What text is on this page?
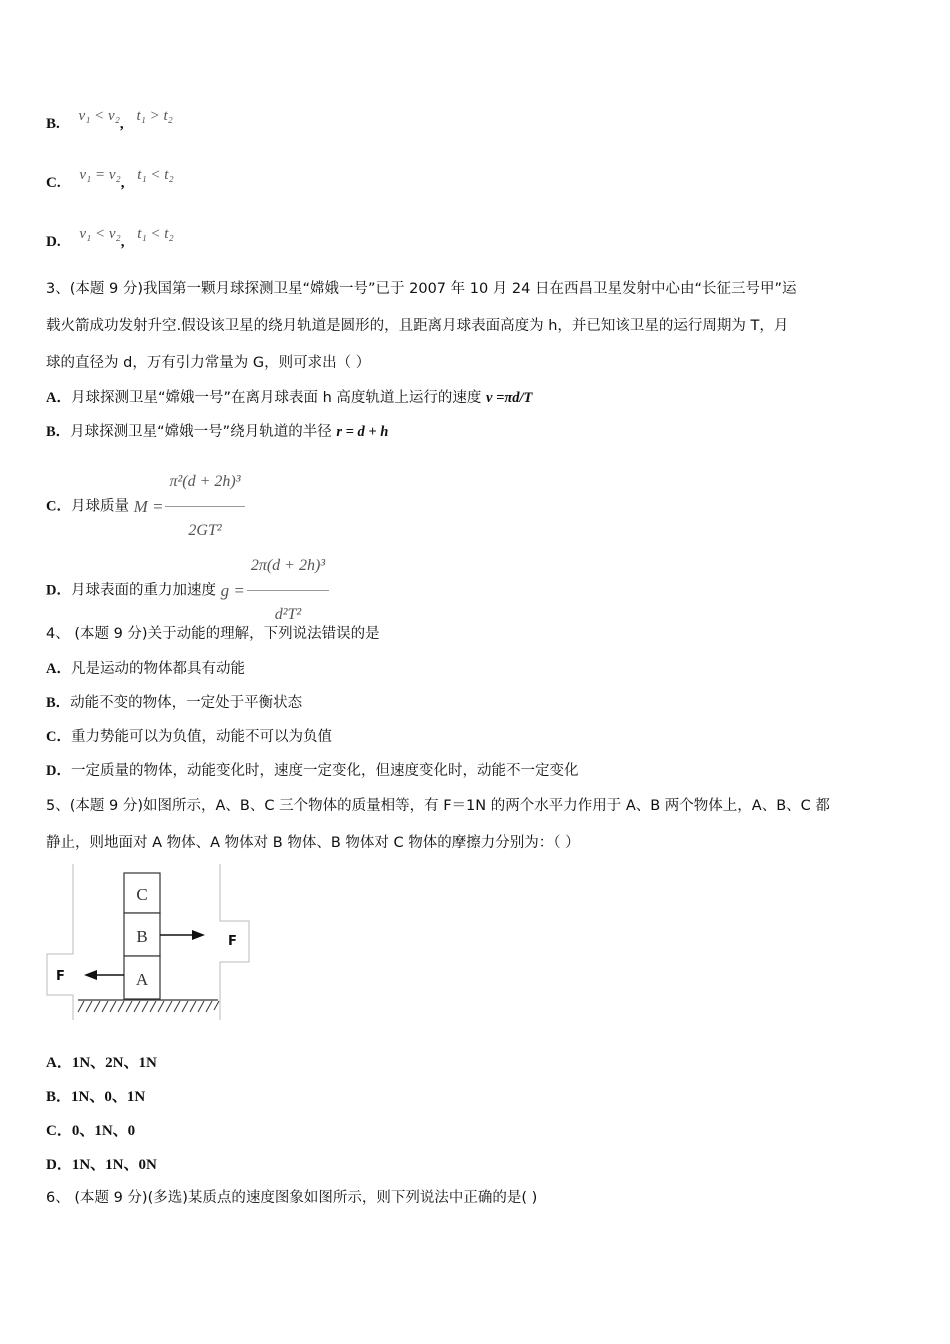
B. v₁ < v₂, t₁ > t₂
C. v₁ = v₂, t₁ < t₂
D. v₁ < v₂, t₁ < t₂
3、(本题 9 分)我国第一颗月球探测卫星“嫦娥一号”已于 2007 年 10 月 24 日在西昌卫星发射中心由“长征三号甲”运
载火箭成功发射升空.假设该卫星的绕月轨道是圆形的，且距离月球表面高度为 h，并已知该卫星的运行周期为 T，月
球的直径为 d，万有引力常量为 G，则可求出（ ）
A．月球探测卫星“嫦娥一号”在离月球表面 h 高度轨道上运行的速度 v =πd/T
B．月球探测卫星“嫦娥一号”绕月轨道的半径 r = d + h
C．月球质量 $M = \frac{\text{π²(d + 2h)³}}{\text{2GT²}}$
D．月球表面的重力加速度 $g = \frac{\text{2π(d + 2h)³}}{\text{d²T²}}$
4、 (本题 9 分)关于动能的理解，下列说法错误的是
A．凡是运动的物体都具有动能
B．动能不变的物体，一定处于平衡状态
C．重力势能可以为负值，动能不可以为负值
D．一定质量的物体，动能变化时，速度一定变化，但速度变化时，动能不一定变化
5、(本题 9 分)如图所示，A、B、C 三个物体的质量相等，有 F＝1N 的两个水平力作用于 A、B 两个物体上，A、B、C 都
静止，则地面对 A 物体、A 物体对 B 物体、B 物体对 C 物体的摩擦力分别为：（ ）
C
B
A
F
F
A．1N、2N、1N
B．1N、0、1N
C．0、1N、0
D．1N、1N、0N
6、 (本题 9 分)(多选)某质点的速度图象如图所示，则下列说法中正确的是( )
